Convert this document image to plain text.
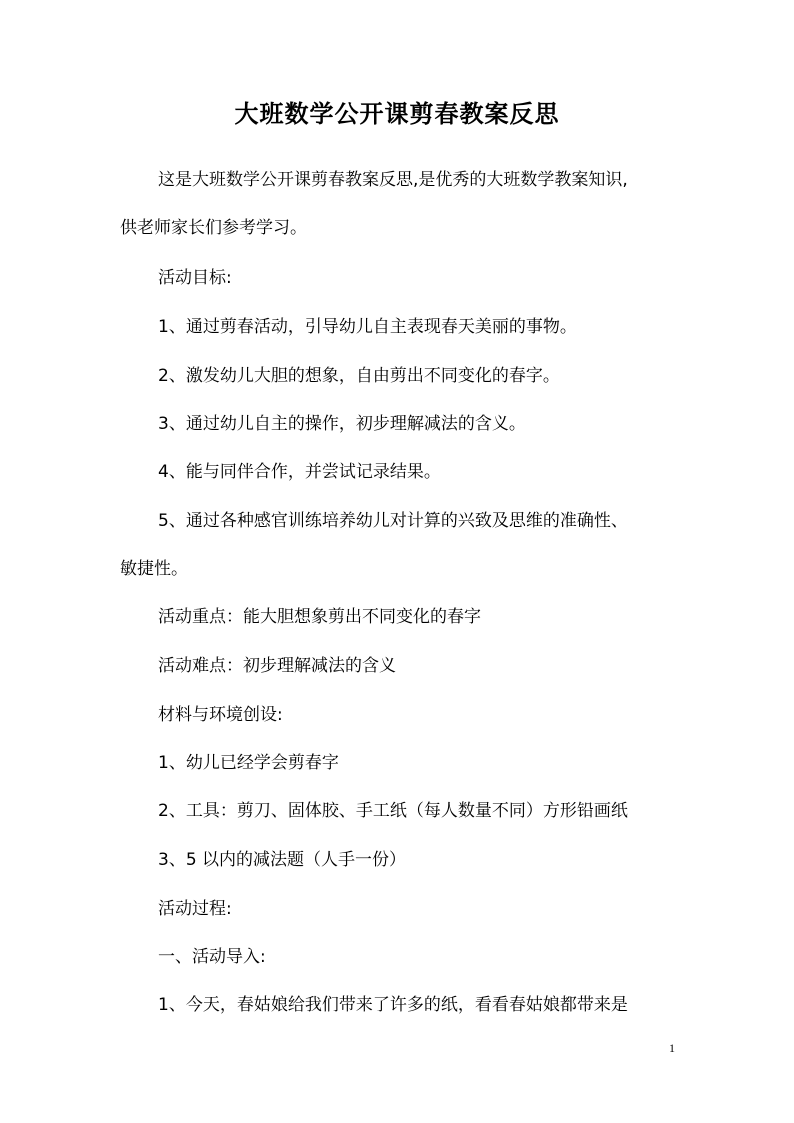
大班数学公开课剪春教案反思
这是大班数学公开课剪春教案反思,是优秀的大班数学教案知识,
供老师家长们参考学习。
活动目标:
1、通过剪春活动，引导幼儿自主表现春天美丽的事物。
2、激发幼儿大胆的想象，自由剪出不同变化的春字。
3、通过幼儿自主的操作，初步理解减法的含义。
4、能与同伴合作，并尝试记录结果。
5、通过各种感官训练培养幼儿对计算的兴致及思维的准确性、
敏捷性。
活动重点：能大胆想象剪出不同变化的春字
活动难点：初步理解减法的含义
材料与环境创设:
1、幼儿已经学会剪春字
2、工具：剪刀、固体胶、手工纸（每人数量不同）方形铅画纸
3、5 以内的减法题（人手一份）
活动过程:
一、活动导入:
1、今天，春姑娘给我们带来了许多的纸，看看春姑娘都带来是
1
